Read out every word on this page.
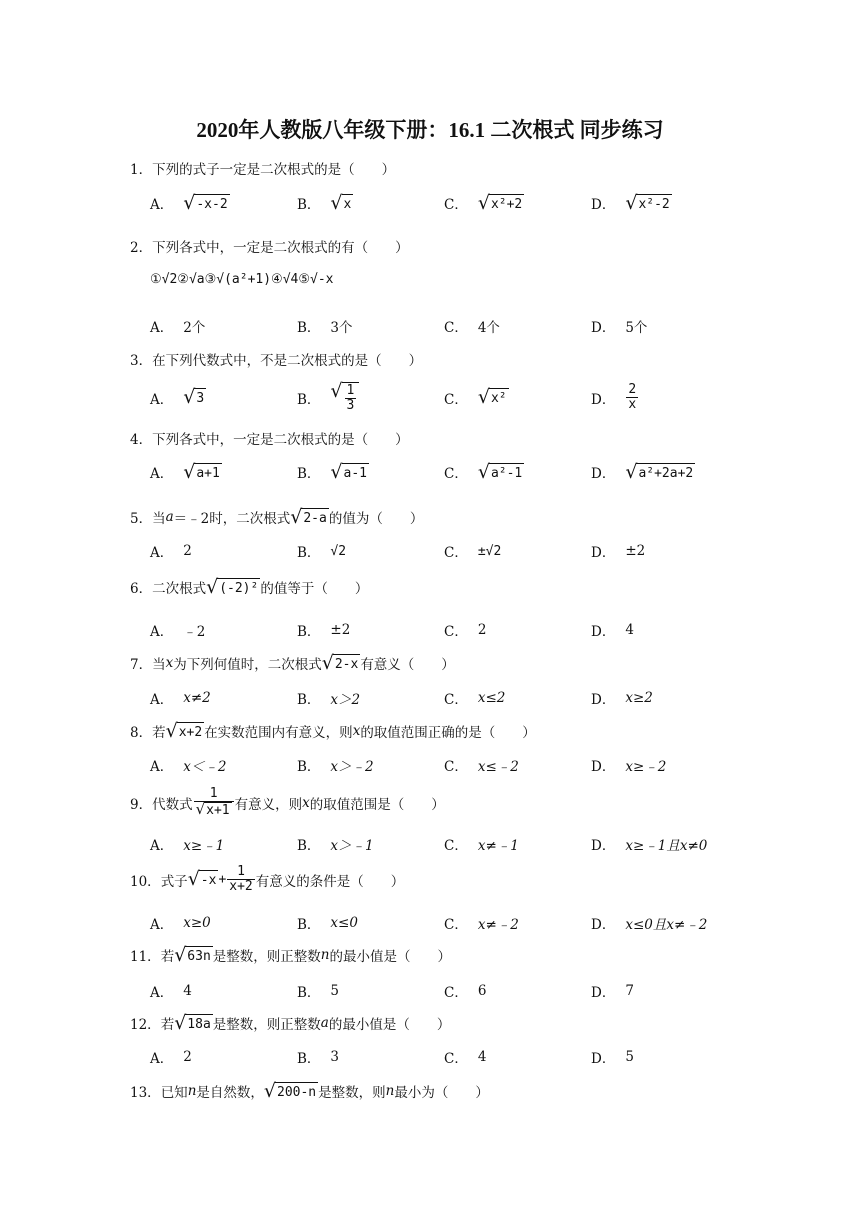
2020年人教版八年级下册：16.1 二次根式 同步练习
1． 下列的式子一定是二次根式的是（　　）
A． √ -x-2	B． √ x	C． √ x²+2	D． √ x²-2
2． 下列各式中，一定是二次根式的有（　　）
①√2②√a③√(a²+1)④√4⑤√-x
A． 2个	B． 3个	C． 4个	D． 5个
3． 在下列代数式中，不是二次根式的是（　　）
A． √ 3	B． √ $\frac{1}{3}$	C． √ x²	D． $\frac{2}{x}$
4． 下列各式中，一定是二次根式的是（　　）
A． √ a+1	B． √ a-1	C． √ a²-1	D． √ a²+2a+2
5． 当 a ＝﹣2时，二次根式 √ 2-a 的值为（　　）
A． 2	B． √2	C． ±√2	D． ±2
6． 二次根式 √ (-2)² 的值等于（　　）
A． ﹣2	B． ±2	C． 2	D． 4
7． 当 x 为下列何值时，二次根式 √ 2-x 有意义（　　）
A． x≠2	B． x＞2	C． x≤2	D． x≥2
8． 若 √ x+2 在实数范围内有意义，则 x 的取值范围正确的是（　　）
A． x＜﹣2	B． x＞﹣2	C． x≤﹣2	D． x≥﹣2
9． 代数式 $\frac{1}{√ x+1}$ 有意义，则 x 的取值范围是（　　）
A． x≥﹣1	B． x＞﹣1	C． x≠﹣1	D． x≥﹣1且x≠0
10． 式子 √ $-x + \frac{1}{x+2}$ 有意义的条件是（　　）
A． x≥0	B． x≤0	C． x≠﹣2	D． x≤0且x≠﹣2
11． 若 √ 63n 是整数，则正整数 n 的最小值是（　　）
A． 4	B． 5	C． 6	D． 7
12． 若 √ 18a 是整数，则正整数 a 的最小值是（　　）
A． 2	B． 3	C． 4	D． 5
13． 已知 n 是自然数， √ 200-n 是整数，则 n 最小为（　　）
